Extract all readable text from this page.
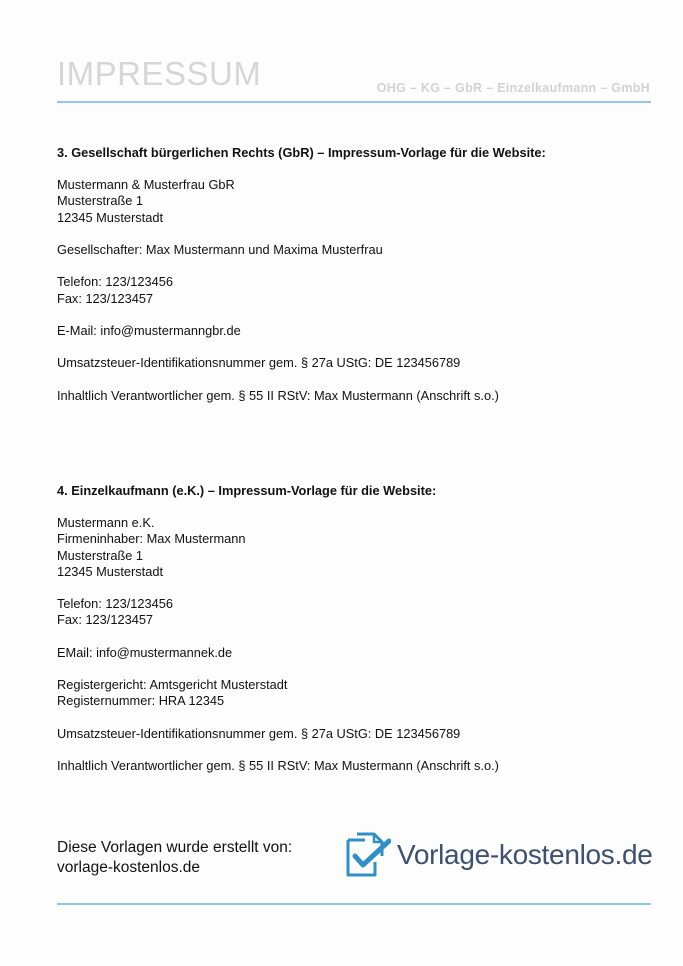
IMPRESSUM	OHG – KG – GbR – Einzelkaufmann – GmbH
3. Gesellschaft bürgerlichen Rechts (GbR) – Impressum-Vorlage für die Website:
Mustermann & Musterfrau GbR
Musterstraße 1
12345 Musterstadt
Gesellschafter: Max Mustermann und Maxima Musterfrau
Telefon: 123/123456
Fax: 123/123457
E-Mail: info@mustermanngbr.de
Umsatzsteuer-Identifikationsnummer gem. § 27a UStG: DE 123456789
Inhaltlich Verantwortlicher gem. § 55 II RStV: Max Mustermann (Anschrift s.o.)
4. Einzelkaufmann (e.K.) – Impressum-Vorlage für die Website:
Mustermann e.K.
Firmeninhaber: Max Mustermann
Musterstraße 1
12345 Musterstadt
Telefon: 123/123456
Fax: 123/123457
EMail: info@mustermannek.de
Registergericht: Amtsgericht Musterstadt
Registernummer: HRA 12345
Umsatzsteuer-Identifikationsnummer gem. § 27a UStG: DE 123456789
Inhaltlich Verantwortlicher gem. § 55 II RStV: Max Mustermann (Anschrift s.o.)
Diese Vorlagen wurde erstellt von:
vorlage-kostenlos.de	Vorlage-kostenlos.de
